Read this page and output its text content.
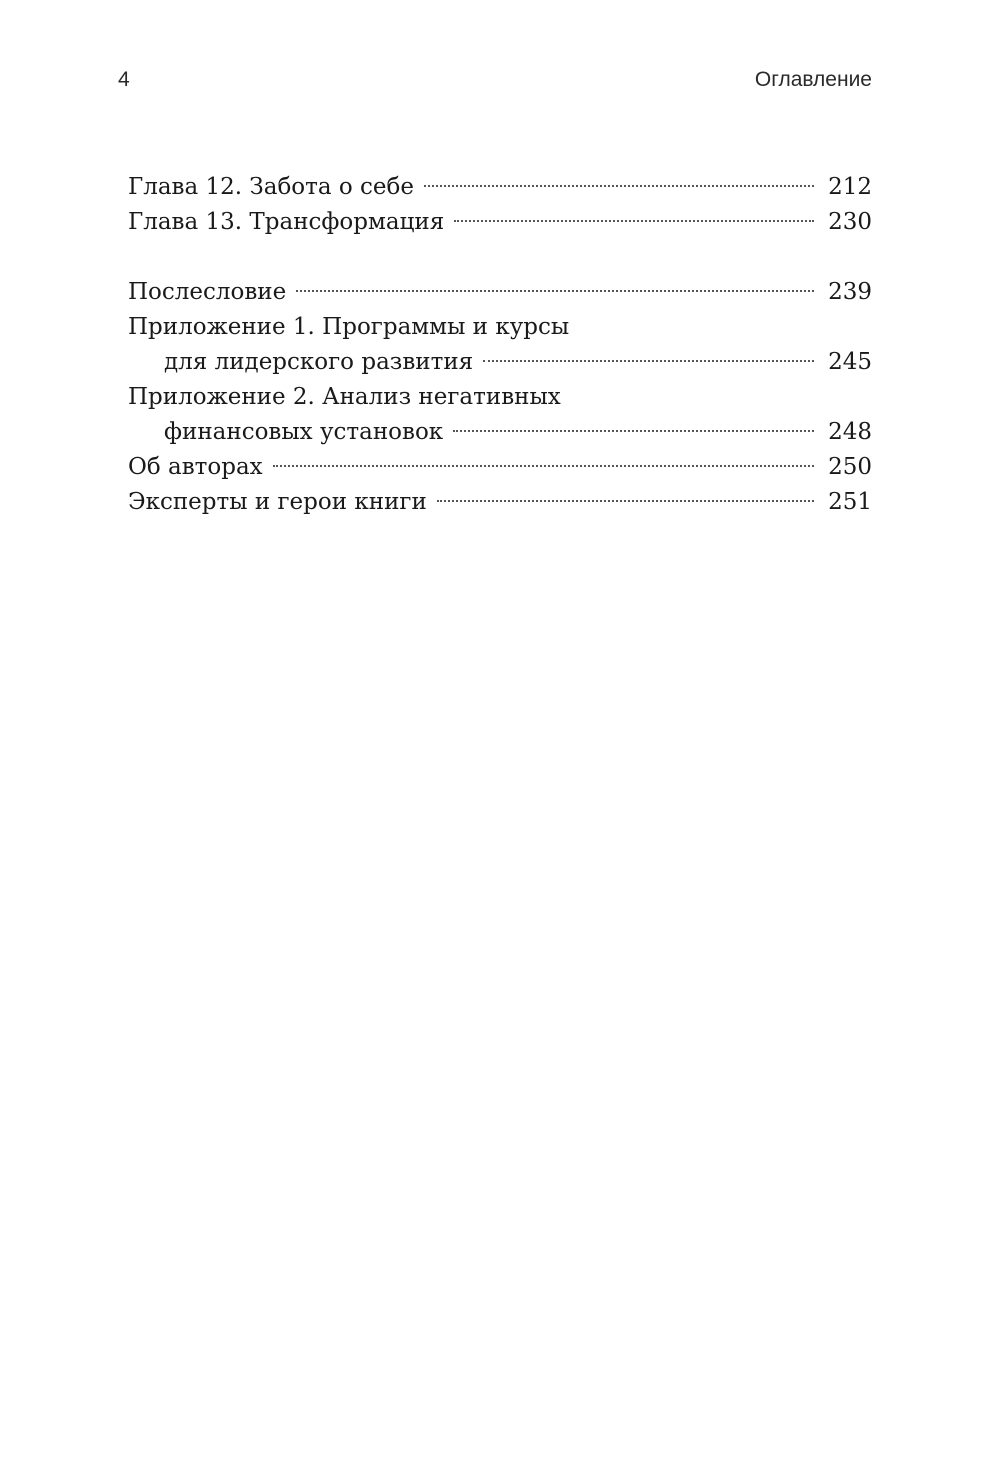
4	Оглавление
Глава 12. Забота о себе	212
Глава 13. Трансформация	230
Послесловие	239
Приложение 1. Программы и курсы
для лидерского развития	245
Приложение 2. Анализ негативных
финансовых установок	248
Об авторах	250
Эксперты и герои книги	251
